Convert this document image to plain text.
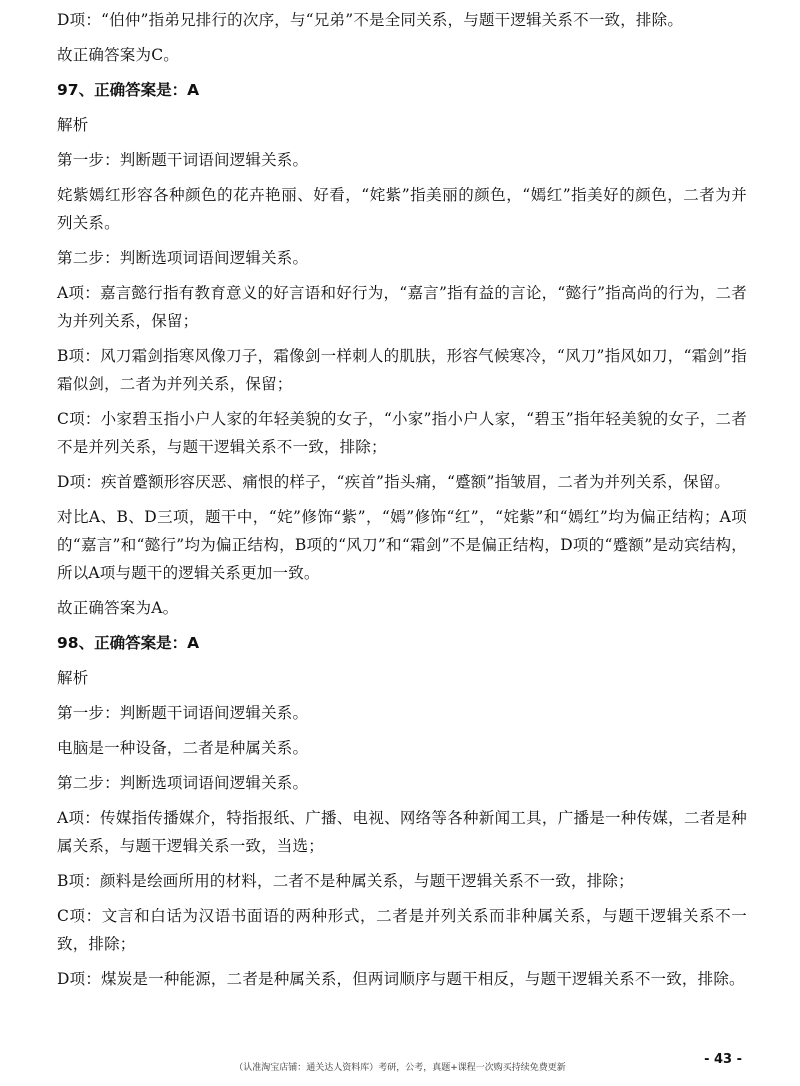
D项：“伯仲”指弟兄排行的次序，与“兄弟”不是全同关系，与题干逻辑关系不一致，排除。

故正确答案为C。

97、正确答案是：A

解析

第一步：判断题干词语间逻辑关系。

姹紫嫣红形容各种颜色的花卉艳丽、好看，“姹紫”指美丽的颜色，“嫣红”指美好的颜色，二者为并列关系。

第二步：判断选项词语间逻辑关系。

A项：嘉言懿行指有教育意义的好言语和好行为，“嘉言”指有益的言论，“懿行”指高尚的行为，二者为并列关系，保留；

B项：风刀霜剑指寒风像刀子，霜像剑一样刺人的肌肤，形容气候寒冷，“风刀”指风如刀，“霜剑”指霜似剑，二者为并列关系，保留；

C项：小家碧玉指小户人家的年轻美貌的女子，“小家”指小户人家，“碧玉”指年轻美貌的女子，二者不是并列关系，与题干逻辑关系不一致，排除；

D项：疾首蹙额形容厌恶、痛恨的样子，“疾首”指头痛，“蹙额”指皱眉，二者为并列关系，保留。

对比A、B、D三项，题干中，“姹”修饰“紫”，“嫣”修饰“红”，“姹紫”和“嫣红”均为偏正结构；A项的“嘉言”和“懿行”均为偏正结构，B项的“风刀”和“霜剑”不是偏正结构，D项的“蹙额”是动宾结构，所以A项与题干的逻辑关系更加一致。

故正确答案为A。

98、正确答案是：A

解析

第一步：判断题干词语间逻辑关系。

电脑是一种设备，二者是种属关系。

第二步：判断选项词语间逻辑关系。

A项：传媒指传播媒介，特指报纸、广播、电视、网络等各种新闻工具，广播是一种传媒，二者是种属关系，与题干逻辑关系一致，当选；

B项：颜料是绘画所用的材料，二者不是种属关系，与题干逻辑关系不一致，排除；

C项：文言和白话为汉语书面语的两种形式，二者是并列关系而非种属关系，与题干逻辑关系不一致，排除；

D项：煤炭是一种能源，二者是种属关系，但两词顺序与题干相反，与题干逻辑关系不一致，排除。

（认准淘宝店铺：通关达人资料库）考研，公考，真题+课程一次购买持续免费更新
- 43 -
